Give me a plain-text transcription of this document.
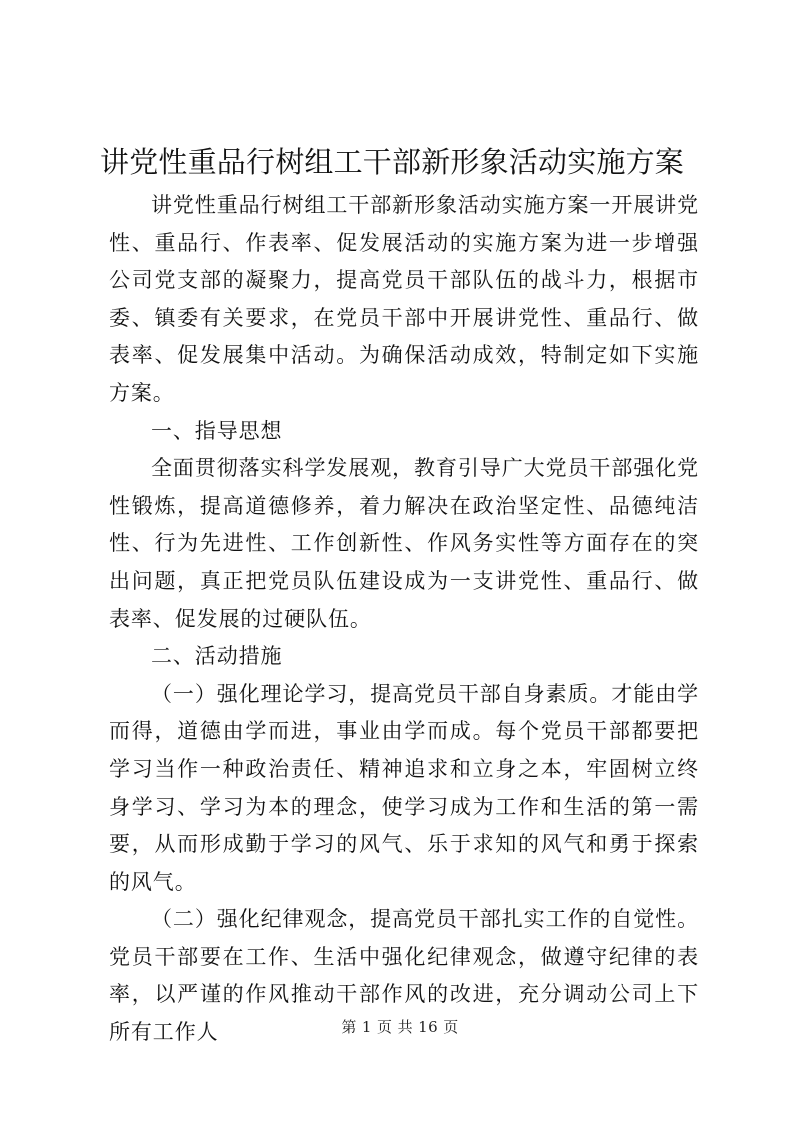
讲党性重品行树组工干部新形象活动实施方案

讲党性重品行树组工干部新形象活动实施方案一开展讲党性、重品行、作表率、促发展活动的实施方案为进一步增强公司党支部的凝聚力，提高党员干部队伍的战斗力，根据市委、镇委有关要求，在党员干部中开展讲党性、重品行、做表率、促发展集中活动。为确保活动成效，特制定如下实施方案。

一、指导思想

全面贯彻落实科学发展观，教育引导广大党员干部强化党性锻炼，提高道德修养，着力解决在政治坚定性、品德纯洁性、行为先进性、工作创新性、作风务实性等方面存在的突出问题，真正把党员队伍建设成为一支讲党性、重品行、做表率、促发展的过硬队伍。

二、活动措施

（一）强化理论学习，提高党员干部自身素质。才能由学而得，道德由学而进，事业由学而成。每个党员干部都要把学习当作一种政治责任、精神追求和立身之本，牢固树立终身学习、学习为本的理念，使学习成为工作和生活的第一需要，从而形成勤于学习的风气、乐于求知的风气和勇于探索的风气。

（二）强化纪律观念，提高党员干部扎实工作的自觉性。党员干部要在工作、生活中强化纪律观念，做遵守纪律的表率，以严谨的作风推动干部作风的改进，充分调动公司上下所有工作人	第 1 页 共 16 页
